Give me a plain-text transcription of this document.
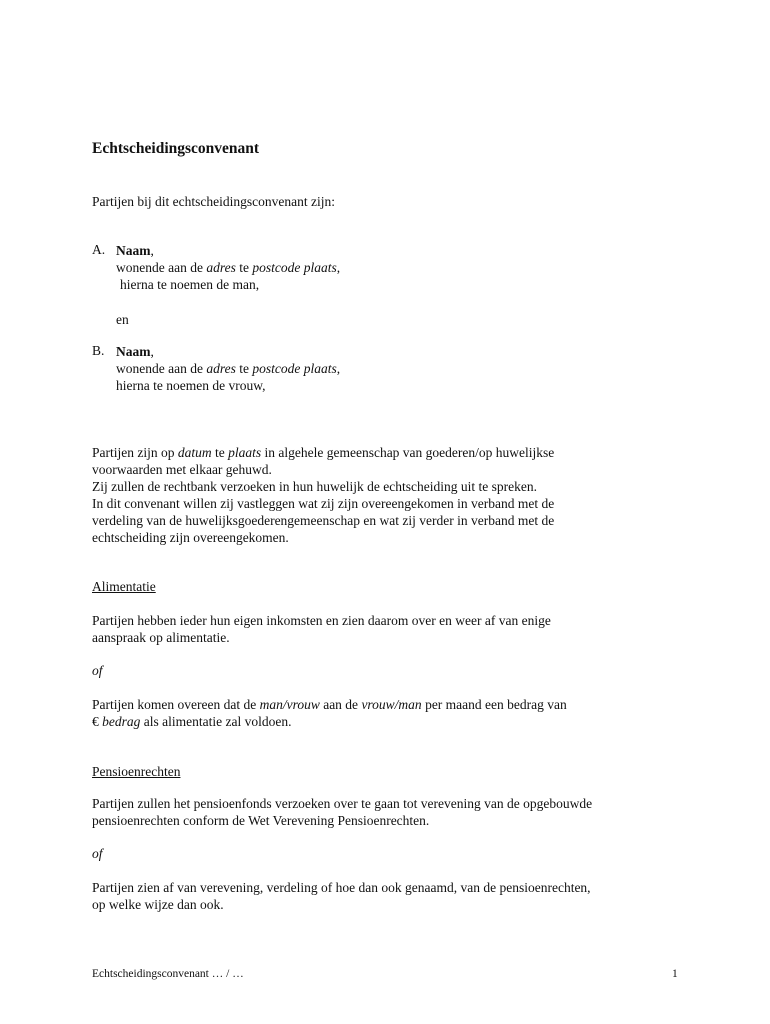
Echtscheidingsconvenant
Partijen bij dit echtscheidingsconvenant zijn:
A. Naam,
wonende aan de adres te postcode plaats,
hierna te noemen de man,
en
B. Naam,
wonende aan de adres te postcode plaats,
hierna te noemen de vrouw,
Partijen zijn op datum te plaats in algehele gemeenschap van goederen/op huwelijkse
voorwaarden met elkaar gehuwd.
Zij zullen de rechtbank verzoeken in hun huwelijk de echtscheiding uit te spreken.
In dit convenant willen zij vastleggen wat zij zijn overeengekomen in verband met de
verdeling van de huwelijksgoederengemeenschap en wat zij verder in verband met de
echtscheiding zijn overeengekomen.
Alimentatie
Partijen hebben ieder hun eigen inkomsten en zien daarom over en weer af van enige
aanspraak op alimentatie.
of
Partijen komen overeen dat de man/vrouw aan de vrouw/man per maand een bedrag van
€ bedrag als alimentatie zal voldoen.
Pensioenrechten
Partijen zullen het pensioenfonds verzoeken over te gaan tot verevening van de opgebouwde
pensioenrechten conform de Wet Verevening Pensioenrechten.
of
Partijen zien af van verevening, verdeling of hoe dan ook genaamd, van de pensioenrechten,
op welke wijze dan ook.
Echtscheidingsconvenant … / …	1
